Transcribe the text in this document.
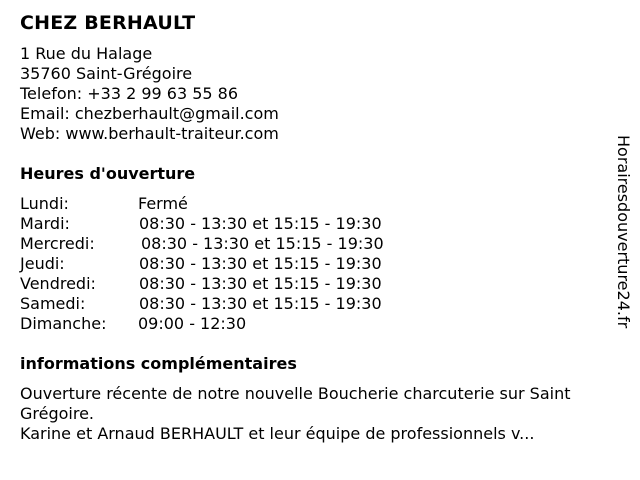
CHEZ BERHAULT
1 Rue du Halage
35760 Saint-Grégoire
Telefon: +33 2 99 63 55 86
Email: chezberhault@gmail.com
Web: www.berhault-traiteur.com
Heures d'ouverture
Lundi:	Fermé
Mardi:	08:30 - 13:30 et 15:15 - 19:30
Mercredi:	08:30 - 13:30 et 15:15 - 19:30
Jeudi:	08:30 - 13:30 et 15:15 - 19:30
Vendredi:	08:30 - 13:30 et 15:15 - 19:30
Samedi:	08:30 - 13:30 et 15:15 - 19:30
Dimanche: 09:00 - 12:30
informations complémentaires
Ouverture récente de notre nouvelle Boucherie charcuterie sur Saint
Grégoire.
Karine et Arnaud BERHAULT et leur équipe de professionnels v...
Horairesdouverture24.fr
